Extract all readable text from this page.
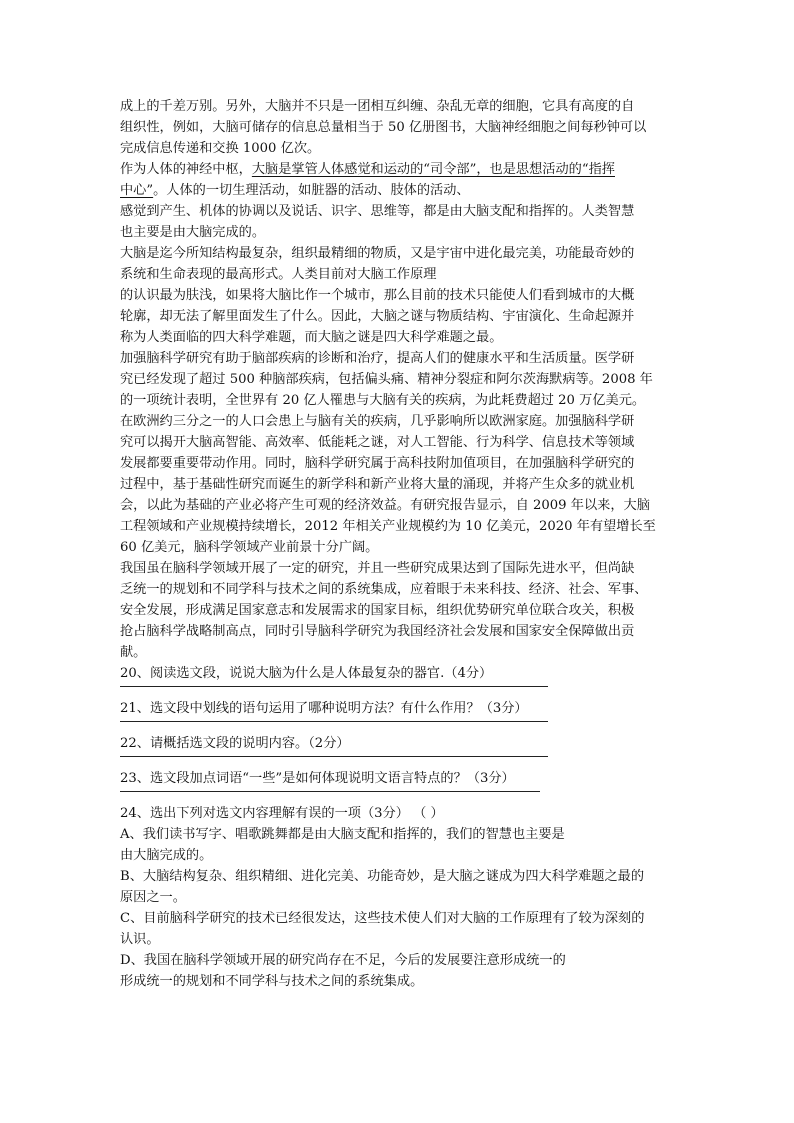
成上的千差万别。另外，大脑并不只是一团相互纠缠、杂乱无章的细胞，它具有高度的自
组织性，例如，大脑可储存的信息总量相当于 50 亿册图书，大脑神经细胞之间每秒钟可以
完成信息传递和交换 1000 亿次。
作为人体的神经中枢，大脑是掌管人体感觉和运动的“司令部”，也是思想活动的“指挥
中心”。人体的一切生理活动，如脏器的活动、肢体的活动、
感觉到产生、机体的协调以及说话、识字、思维等，都是由大脑支配和指挥的。人类智慧
也主要是由大脑完成的。
大脑是迄今所知结构最复杂，组织最精细的物质，又是宇宙中进化最完美，功能最奇妙的
系统和生命表现的最高形式。人类目前对大脑工作原理
的认识最为肤浅，如果将大脑比作一个城市，那么目前的技术只能使人们看到城市的大概
轮廓，却无法了解里面发生了什么。因此，大脑之谜与物质结构、宇宙演化、生命起源并
称为人类面临的四大科学难题，而大脑之谜是四大科学难题之最。
加强脑科学研究有助于脑部疾病的诊断和治疗，提高人们的健康水平和生活质量。医学研
究已经发现了超过 500 种脑部疾病，包括偏头痛、精神分裂症和阿尔茨海默病等。2008 年
的一项统计表明，全世界有 20 亿人罹患与大脑有关的疾病，为此耗费超过 20 万亿美元。
在欧洲约三分之一的人口会患上与脑有关的疾病，几乎影响所以欧洲家庭。加强脑科学研
究可以揭开大脑高智能、高效率、低能耗之谜，对人工智能、行为科学、信息技术等领域
发展都要重要带动作用。同时，脑科学研究属于高科技附加值项目，在加强脑科学研究的
过程中，基于基础性研究而诞生的新学科和新产业将大量的涌现，并将产生众多的就业机
会，以此为基础的产业必将产生可观的经济效益。有研究报告显示，自 2009 年以来，大脑
工程领域和产业规模持续增长，2012 年相关产业规模约为 10 亿美元，2020 年有望增长至
60 亿美元，脑科学领域产业前景十分广阔。
我国虽在脑科学领域开展了一定的研究，并且一些研究成果达到了国际先进水平，但尚缺
乏统一的规划和不同学科与技术之间的系统集成，应着眼于未来科技、经济、社会、军事、
安全发展，形成满足国家意志和发展需求的国家目标，组织优势研究单位联合攻关，积极
抢占脑科学战略制高点，同时引导脑科学研究为我国经济社会发展和国家安全保障做出贡
献。
20、阅读选文段，说说大脑为什么是人体最复杂的器官.（4分）
21、选文段中划线的语句运用了哪种说明方法？有什么作用？（3分）
22、请概括选文段的说明内容。（2分）
23、选文段加点词语“一些”是如何体现说明文语言特点的？（3分）
24、选出下列对选文内容理解有误的一项（3分） （ ）
A、我们读书写字、唱歌跳舞都是由大脑支配和指挥的，我们的智慧也主要是
由大脑完成的。
B、大脑结构复杂、组织精细、进化完美、功能奇妙，是大脑之谜成为四大科学难题之最的
原因之一。
C、目前脑科学研究的技术已经很发达，这些技术使人们对大脑的工作原理有了较为深刻的
认识。
D、我国在脑科学领域开展的研究尚存在不足，今后的发展要注意形成统一的
形成统一的规划和不同学科与技术之间的系统集成。
